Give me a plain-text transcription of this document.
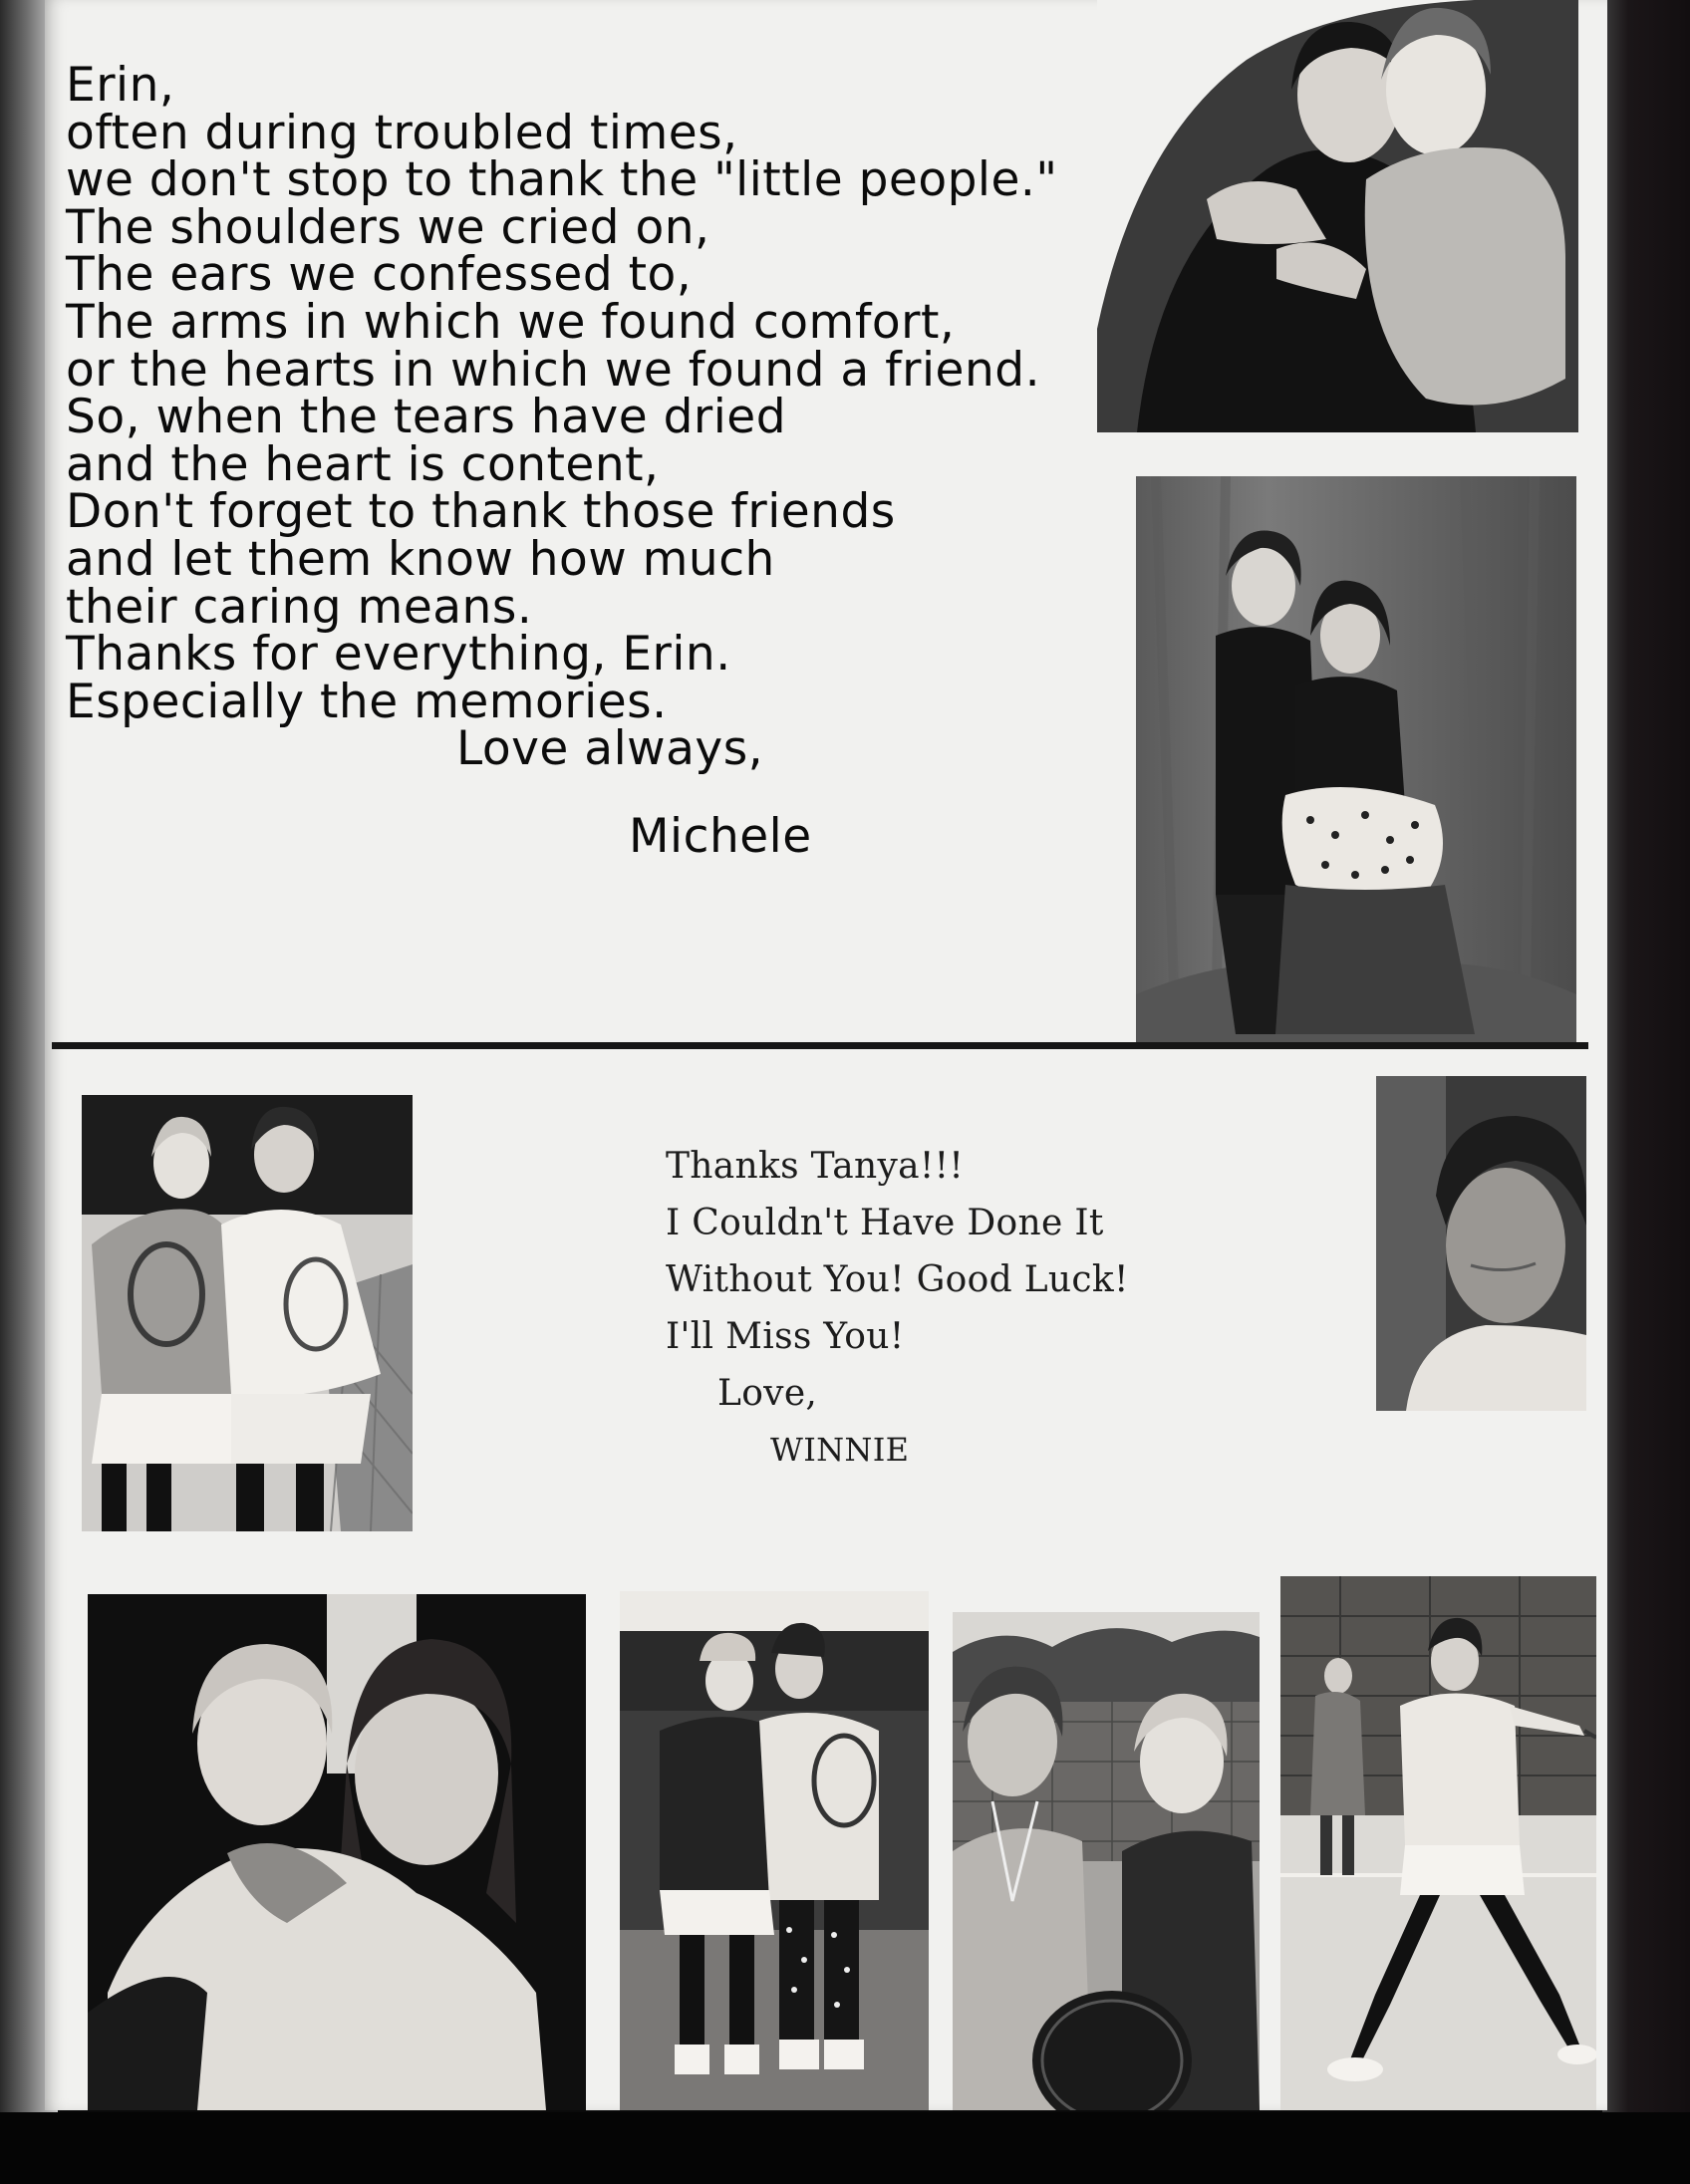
Erin,
often during troubled times,
we don't stop to thank the "little people."
The shoulders we cried on,
The ears we confessed to,
The arms in which we found comfort,
or the hearts in which we found a friend.
So, when the tears have dried
and the heart is content,
Don't forget to thank those friends
and let them know how much
their caring means.
Thanks for everything, Erin.
Especially the memories.
Love always,
Michele
Thanks Tanya!!!
I Couldn't Have Done It
Without You! Good Luck!
I'll Miss You!
Love,
WINNIE
